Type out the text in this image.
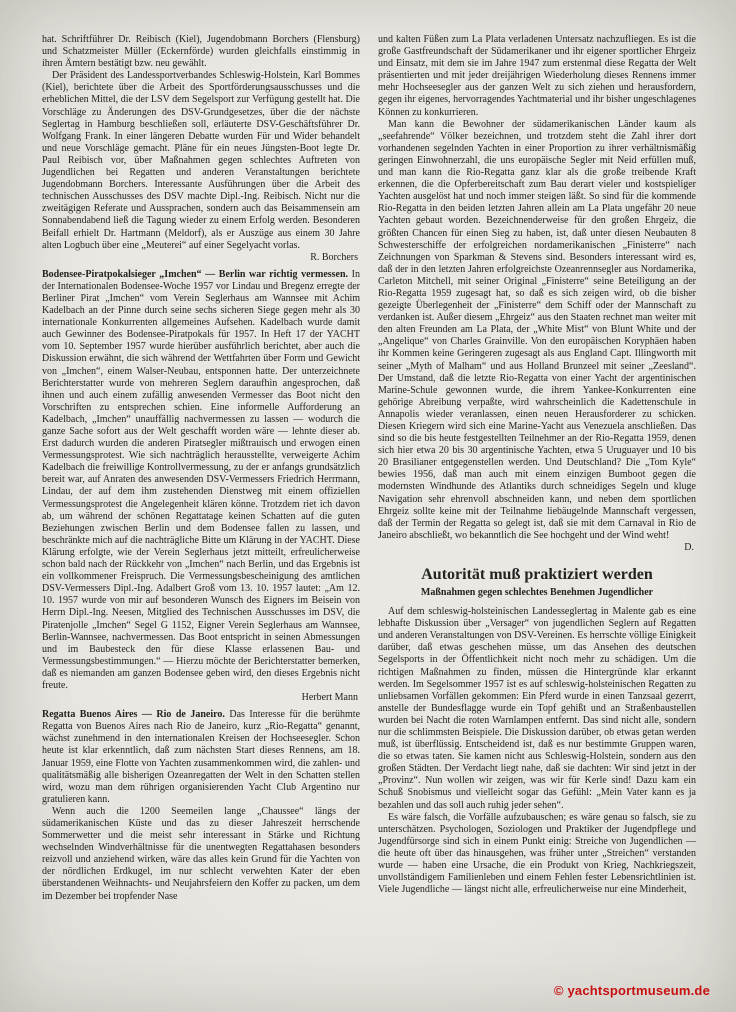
hat. Schriftführer Dr. Reibisch (Kiel), Jugendobmann Borchers (Flensburg) und Schatzmeister Müller (Eckernförde) wurden gleichfalls einstimmig in ihren Ämtern bestätigt bzw. neu gewählt.

Der Präsident des Landessportverbandes Schleswig-Holstein, Karl Bommes (Kiel), berichtete über die Arbeit des Sportförderungsausschusses und die erheblichen Mittel, die der LSV dem Segelsport zur Verfügung gestellt hat. Die Vorschläge zu Änderungen des DSV-Grundgesetzes, über die der nächste Seglertag in Hamburg beschließen soll, erläuterte DSV-Geschäftsführer Dr. Wolfgang Frank. In einer längeren Debatte wurden Für und Wider behandelt und neue Vorschläge gemacht. Pläne für ein neues Jüngsten-Boot legte Dr. Paul Reibisch vor, über Maßnahmen gegen schlechtes Auftreten von Jugendlichen bei Regatten und anderen Veranstaltungen berichtete Jugendobmann Borchers. Interessante Ausführungen über die Arbeit des technischen Ausschusses des DSV machte Dipl.-Ing. Reibisch. Nicht nur die zweitägigen Referate und Aussprachen, sondern auch das Beisammensein am Sonnabendabend ließ die Tagung wieder zu einem Erfolg werden. Besonderen Beifall erhielt Dr. Hartmann (Meldorf), als er Auszüge aus einem 30 Jahre alten Logbuch über eine „Meuterei“ auf einer Segelyacht vorlas.

R. Borchers

Bodensee-Piratpokalsieger „Imchen“ — Berlin war richtig vermessen. In der Internationalen Bodensee-Woche 1957 vor Lindau und Bregenz erregte der Berliner Pirat „Imchen“ vom Verein Seglerhaus am Wannsee mit Achim Kadelbach an der Pinne durch seine sechs sicheren Siege gegen mehr als 30 internationale Konkurrenten allgemeines Aufsehen. Kadelbach wurde damit auch Gewinner des Bodensee-Piratpokals für 1957. In Heft 17 der YACHT vom 10. September 1957 wurde hierüber ausführlich berichtet, aber auch die Diskussion erwähnt, die sich während der Wettfahrten über Form und Gewicht von „Imchen“, einem Walser-Neubau, entsponnen hatte. Der unterzeichnete Berichterstatter wurde von mehreren Seglern daraufhin angesprochen, daß ihnen und auch einem zufällig anwesenden Vermesser das Boot nicht den Vorschriften zu entsprechen schien. Eine informelle Aufforderung an Kadelbach, „Imchen“ unauffällig nachvermessen zu lassen — wodurch die ganze Sache sofort aus der Welt geschafft worden wäre — lehnte dieser ab. Erst dadurch wurden die anderen Piratsegler mißtrauisch und erwogen einen Vermessungsprotest. Wie sich nachträglich herausstellte, verweigerte Achim Kadelbach die freiwillige Kontrollvermessung, zu der er anfangs grundsätzlich bereit war, auf Anraten des anwesenden DSV-Vermessers Friedrich Herrmann, Lindau, der auf dem ihm zustehenden Dienstweg mit einem offiziellen Vermessungsprotest die Angelegenheit klären könne. Trotzdem riet ich davon ab, um während der schönen Regattatage keinen Schatten auf die guten Beziehungen zwischen Berlin und dem Bodensee fallen zu lassen, und beschränkte mich auf die nachträgliche Bitte um Klärung in der YACHT. Diese Klärung erfolgte, wie der Verein Seglerhaus jetzt mitteilt, erfreulicherweise schon bald nach der Rückkehr von „Imchen“ nach Berlin, und das Ergebnis ist ein vollkommener Freispruch. Die Vermessungsbescheinigung des amtlichen DSV-Vermessers Dipl.-Ing. Adalbert Groß vom 13. 10. 1957 lautet: „Am 12. 10. 1957 wurde von mir auf besonderen Wunsch des Eigners im Beisein von Herrn Dipl.-Ing. Neesen, Mitglied des Technischen Ausschusses im DSV, die Piratenjolle „Imchen“ Segel G 1152, Eigner Verein Seglerhaus am Wannsee, Berlin-Wannsee, nachvermessen. Das Boot entspricht in seinen Abmessungen und im Baubesteck den für diese Klasse erlassenen Bau- und Vermessungsbestimmungen.“ — Hierzu möchte der Berichterstatter bemerken, daß es niemanden am ganzen Bodensee geben wird, den dieses Ergebnis nicht freute.

Herbert Mann

Regatta Buenos Aires — Rio de Janeiro. Das Interesse für die berühmte Regatta von Buenos Aires nach Rio de Janeiro, kurz „Rio-Regatta“ genannt, wächst zunehmend in den internationalen Kreisen der Hochseesegler. Schon heute ist klar erkenntlich, daß zum nächsten Start dieses Rennens, am 18. Januar 1959, eine Flotte von Yachten zusammenkommen wird, die zahlen- und qualitätsmäßig alle bisherigen Ozeanregatten der Welt in den Schatten stellen wird, wozu man dem rührigen organisierenden Yacht Club Argentino nur gratulieren kann.

Wenn auch die 1200 Seemeilen lange „Chaussee“ längs der südamerikanischen Küste und das zu dieser Jahreszeit herrschende Sommerwetter und die meist sehr interessant in Stärke und Richtung wechselnden Windverhältnisse für die unentwegten Regattahasen besonders reizvoll und anziehend wirken, wäre das alles kein Grund für die Yachten von der nördlichen Erdkugel, im nur schlecht verwehten Kater der eben überstandenen Weihnachts- und Neujahrsfeiern den Koffer zu packen, um dem im Dezember bei tropfender Nase

und kalten Füßen zum La Plata verladenen Untersatz nachzufliegen. Es ist die große Gastfreundschaft der Südamerikaner und ihr eigener sportlicher Ehrgeiz und Einsatz, mit dem sie im Jahre 1947 zum erstenmal diese Regatta der Welt präsentierten und mit jeder dreijährigen Wiederholung dieses Rennens immer mehr Hochseesegler aus der ganzen Welt zu sich ziehen und herausfordern, gegen ihr eigenes, hervorragendes Yachtmaterial und ihr bisher ungeschlagenes Können zu konkurrieren.

Man kann die Bewohner der südamerikanischen Länder kaum als „seefahrende“ Völker bezeichnen, und trotzdem steht die Zahl ihrer dort vorhandenen segelnden Yachten in einer Proportion zu ihrer verhältnismäßig geringen Einwohnerzahl, die uns europäische Segler mit Neid erfüllen muß, und man kann die Rio-Regatta ganz klar als die große treibende Kraft erkennen, die die Opferbereitschaft zum Bau derart vieler und kostspieliger Yachten ausgelöst hat und noch immer steigen läßt. So sind für die kommende Rio-Regatta in den beiden letzten Jahren allein am La Plata ungefähr 20 neue Yachten gebaut worden. Bezeichnenderweise für den großen Ehrgeiz, die größten Chancen für einen Sieg zu haben, ist, daß unter diesen Neubauten 8 Schwesterschiffe der erfolgreichen nordamerikanischen „Finisterre“ nach Zeichnungen von Sparkman & Stevens sind. Besonders interessant wird es, daß der in den letzten Jahren erfolgreichste Ozeanrennsegler aus Nordamerika, Carleton Mitchell, mit seiner Original „Finisterre“ seine Beteiligung an der Rio-Regatta 1959 zugesagt hat, so daß es sich zeigen wird, ob die bisher gezeigte Überlegenheit der „Finisterre“ dem Schiff oder der Mannschaft zu verdanken ist. Außer diesem „Ehrgeiz“ aus den Staaten rechnet man weiter mit den alten Freunden am La Plata, der „White Mist“ von Blunt White und der „Angelique“ von Charles Grainville. Von den europäischen Koryphäen haben ihr Kommen keine Geringeren zugesagt als aus England Capt. Illingworth mit seiner „Myth of Malham“ und aus Holland Brunzeel mit seiner „Zeesland“. Der Umstand, daß die letzte Rio-Regatta von einer Yacht der argentinischen Marine-Schule gewonnen wurde, die ihrem Yankee-Konkurrenten eine gehörige Abreibung verpaßte, wird wahrscheinlich die Kadettenschule in Annapolis wieder veranlassen, einen neuen Herausforderer zu schicken. Diesen Kriegern wird sich eine Marine-Yacht aus Venezuela anschließen. Das sind so die bis heute festgestellten Teilnehmer an der Rio-Regatta 1959, denen sich hier etwa 20 bis 30 argentinische Yachten, etwa 5 Uruguayer und 10 bis 20 Brasilianer entgegenstellen werden. Und Deutschland? Die „Tom Kyle“ bewies 1956, daß man auch mit einem einzigen Bumboot gegen die modernsten Windhunde des Atlantiks durch schneidiges Segeln und kluge Navigation sehr ehrenvoll abschneiden kann, und neben dem sportlichen Ehrgeiz sollte keine mit der Teilnahme liebäugelnde Mannschaft vergessen, daß der Termin der Regatta so gelegt ist, daß sie mit dem Carnaval in Rio de Janeiro abschließt, wo bekanntlich die See hochgeht und der Wind weht!

D.
Autorität muß praktiziert werden
Maßnahmen gegen schlechtes Benehmen Jugendlicher

Auf dem schleswig-holsteinischen Landesseglertag in Malente gab es eine lebhafte Diskussion über „Versager“ von jugendlichen Seglern auf Regatten und anderen Veranstaltungen von DSV-Vereinen. Es herrschte völlige Einigkeit darüber, daß etwas geschehen müsse, um das Ansehen des deutschen Segelsports in der Öffentlichkeit nicht noch mehr zu schädigen. Um die richtigen Maßnahmen zu finden, müssen die Hintergründe klar erkannt werden. Im Segelsommer 1957 ist es auf schleswig-holsteinischen Regatten zu unliebsamen Vorfällen gekommen: Ein Pferd wurde in einen Tanzsaal gezerrt, anstelle der Bundesflagge wurde ein Topf gehißt und an Straßenbaustellen wurden bei Nacht die roten Warnlampen entfernt. Das sind nicht alle, sondern nur die schlimmsten Beispiele. Die Diskussion darüber, ob etwas getan werden muß, ist überflüssig. Entscheidend ist, daß es nur bestimmte Gruppen waren, die so etwas taten. Sie kamen nicht aus Schleswig-Holstein, sondern aus den großen Städten. Der Verdacht liegt nahe, daß sie dachten: Wir sind jetzt in der „Provinz“. Nun wollen wir zeigen, was wir für Kerle sind! Dazu kam ein Schuß Snobismus und vielleicht sogar das Gefühl: „Mein Vater kann es ja bezahlen und das soll auch ruhig jeder sehen“.

Es wäre falsch, die Vorfälle aufzubauschen; es wäre genau so falsch, sie zu unterschätzen. Psychologen, Soziologen und Praktiker der Jugendpflege und Jugendfürsorge sind sich in einem Punkt einig: Streiche von Jugendlichen — die heute oft über das hinausgehen, was früher unter „Streichen“ verstanden wurde — haben eine Ursache, die ein Produkt von Krieg, Nachkriegszeit, unvollständigem Familienleben und einem Fehlen fester Lebensrichtlinien ist. Viele Jugendliche — längst nicht alle, erfreulicherweise nur eine Minderheit,

© yachtsportmuseum.de
